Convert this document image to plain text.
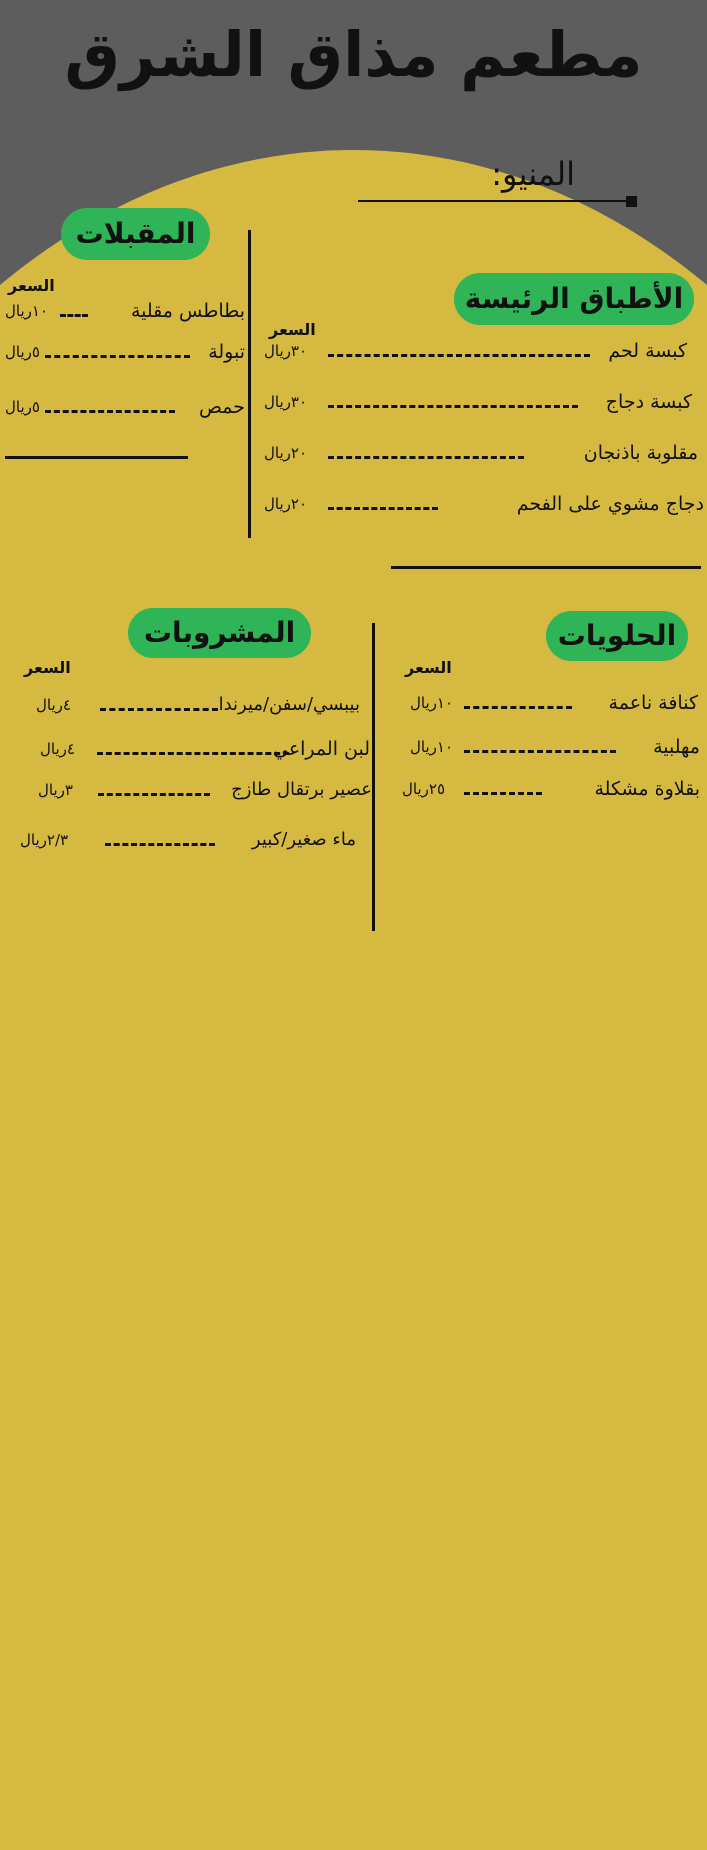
مطعم مذاق الشرق
المنيو:
المقبلات
السعر
بطاطس مقلية
١٠ريال
تبولة
٥ريال
حمص
٥ريال
الأطباق الرئيسة
السعر
كبسة لحم
٣٠ريال
كبسة دجاج
٣٠ريال
مقلوبة باذنجان
٢٠ريال
دجاج مشوي على الفحم
٢٠ريال
المشروبات
السعر
بيبسي/سفن/ميرندا
٤ريال
لبن المراعي
٤ريال
عصير برتقال طازج
٣ريال
ماء صغير/كبير
٢/٣ريال
الحلويات
السعر
كنافة ناعمة
١٠ريال
مهلبية
١٠ريال
بقلاوة مشكلة
٢٥ريال
